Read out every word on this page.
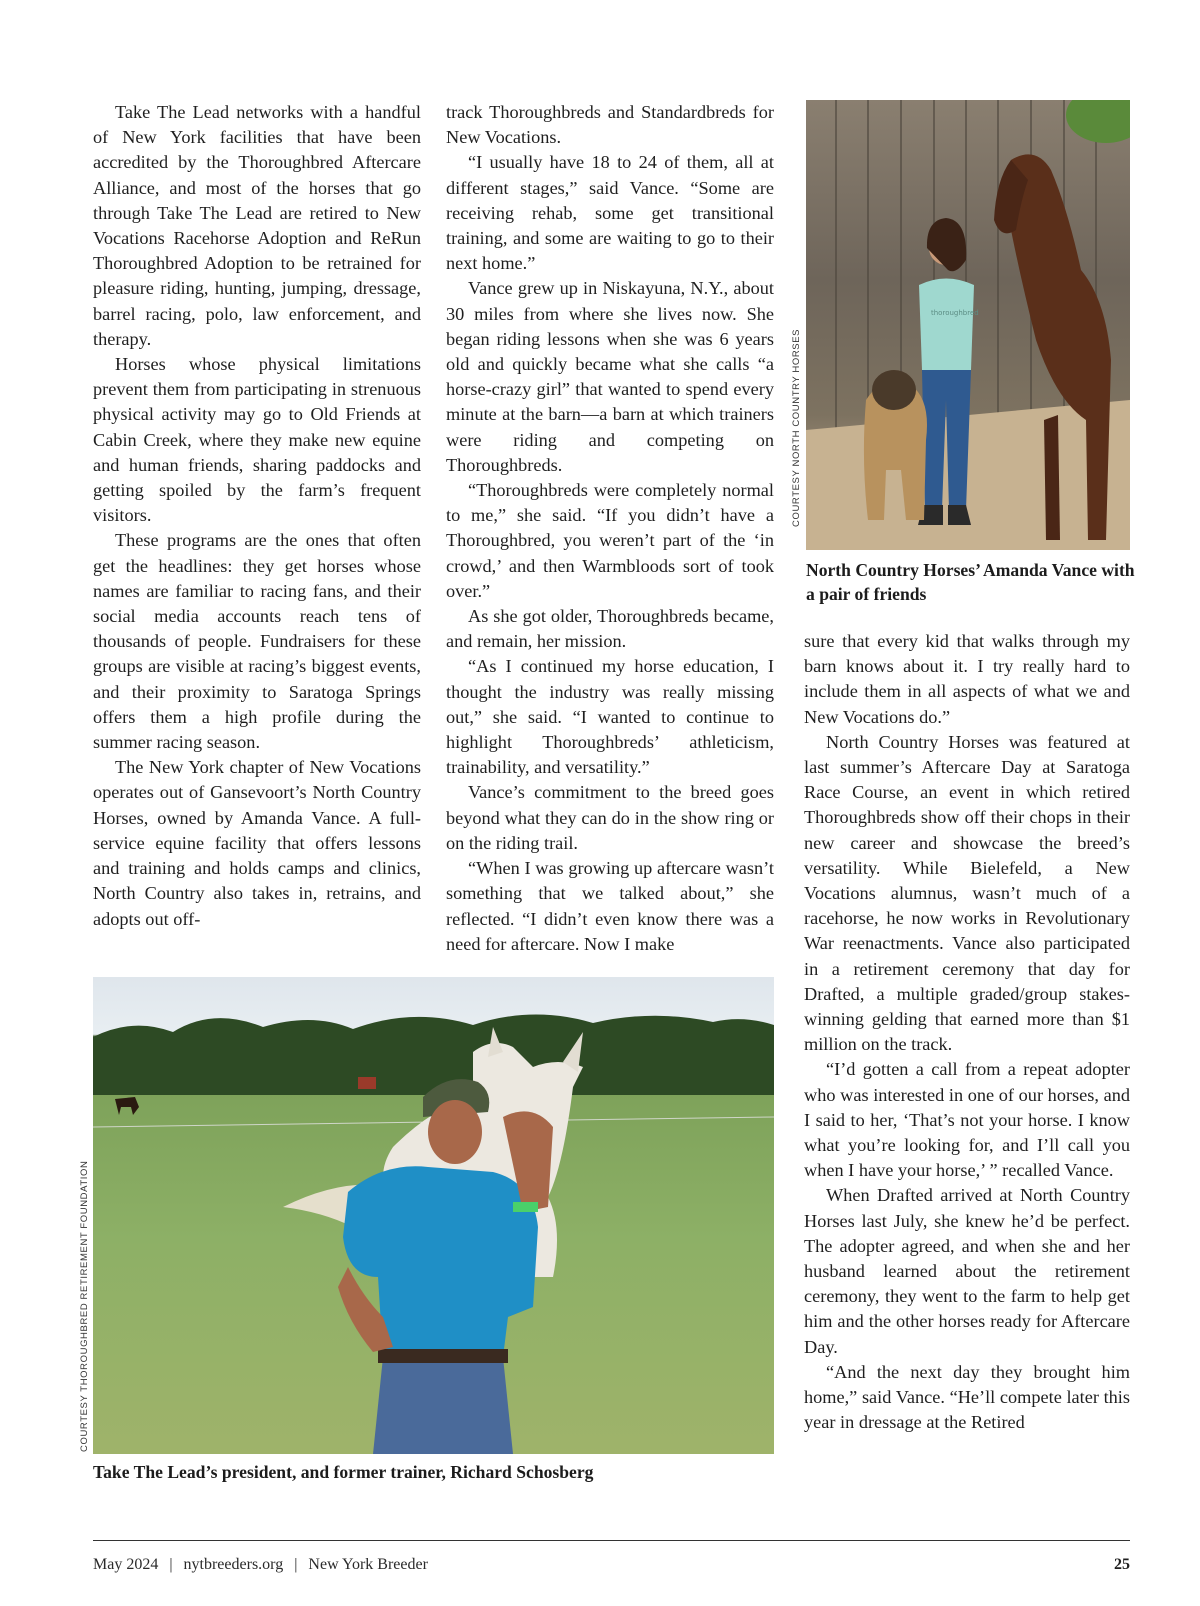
Take The Lead networks with a handful of New York facilities that have been accredited by the Thoroughbred Aftercare Alliance, and most of the horses that go through Take The Lead are retired to New Vocations Racehorse Adoption and ReRun Thoroughbred Adoption to be retrained for pleasure riding, hunting, jumping, dressage, barrel racing, polo, law enforcement, and therapy.

Horses whose physical limitations prevent them from participating in strenuous physical activity may go to Old Friends at Cabin Creek, where they make new equine and human friends, sharing paddocks and getting spoiled by the farm’s frequent visitors.

These programs are the ones that often get the headlines: they get horses whose names are familiar to racing fans, and their social media accounts reach tens of thousands of people. Fundraisers for these groups are visible at racing’s biggest events, and their proximity to Saratoga Springs offers them a high profile during the summer racing season.

The New York chapter of New Vocations operates out of Gansevoort’s North Country Horses, owned by Amanda Vance. A full-service equine facility that offers lessons and training and holds camps and clinics, North Country also takes in, retrains, and adopts out off-

track Thoroughbreds and Standardbreds for New Vocations.

“I usually have 18 to 24 of them, all at different stages,” said Vance. “Some are receiving rehab, some get transitional training, and some are waiting to go to their next home.”

Vance grew up in Niskayuna, N.Y., about 30 miles from where she lives now. She began riding lessons when she was 6 years old and quickly became what she calls “a horse-crazy girl” that wanted to spend every minute at the barn—a barn at which trainers were riding and competing on Thoroughbreds.

“Thoroughbreds were completely normal to me,” she said. “If you didn’t have a Thoroughbred, you weren’t part of the ‘in crowd,’ and then Warmbloods sort of took over.”

As she got older, Thoroughbreds became, and remain, her mission.

“As I continued my horse education, I thought the industry was really missing out,” she said. “I wanted to continue to highlight Thoroughbreds’ athleticism, trainability, and versatility.”

Vance’s commitment to the breed goes beyond what they can do in the show ring or on the riding trail.

“When I was growing up aftercare wasn’t something that we talked about,” she reflected. “I didn’t even know there was a need for aftercare. Now I make

sure that every kid that walks through my barn knows about it. I try really hard to include them in all aspects of what we and New Vocations do.”

North Country Horses was featured at last summer’s Aftercare Day at Saratoga Race Course, an event in which retired Thoroughbreds show off their chops in their new career and showcase the breed’s versatility. While Bielefeld, a New Vocations alumnus, wasn’t much of a racehorse, he now works in Revolutionary War reenactments. Vance also participated in a retirement ceremony that day for Drafted, a multiple graded/group stakes-winning gelding that earned more than $1 million on the track.

“I’d gotten a call from a repeat adopter who was interested in one of our horses, and I said to her, ‘That’s not your horse. I know what you’re looking for, and I’ll call you when I have your horse,’ ” recalled Vance.

When Drafted arrived at North Country Horses last July, she knew he’d be perfect. The adopter agreed, and when she and her husband learned about the retirement ceremony, they went to the farm to help get him and the other horses ready for Aftercare Day.

“And the next day they brought him home,” said Vance. “He’ll compete later this year in dressage at the Retired

thoroughbred
COURTESY NORTH COUNTRY HORSES
North Country Horses’ Amanda Vance with a pair of friends
COURTESY THOROUGHBRED RETIREMENT FOUNDATION
Take The Lead’s president, and former trainer, Richard Schosberg
May 2024 | nytbreeders.org | New York Breeder	25
